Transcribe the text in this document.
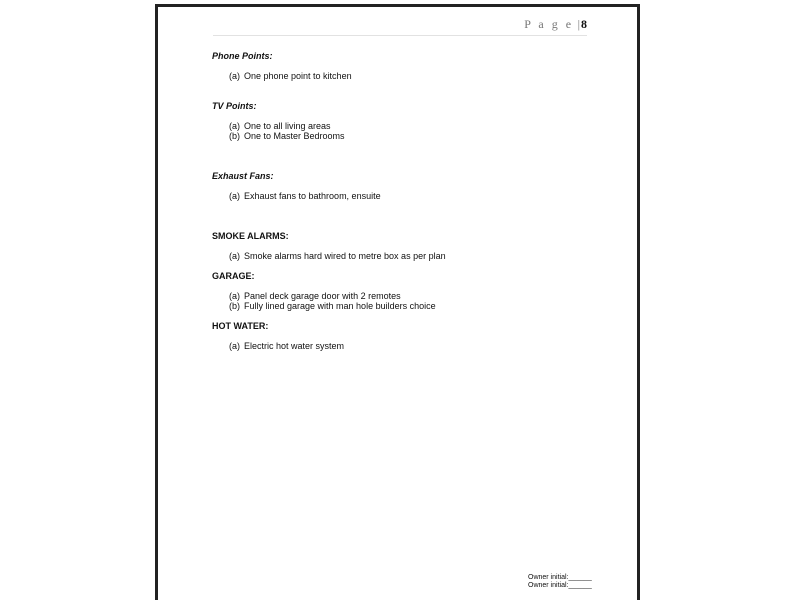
P a g e |8

Phone Points:

(a) One phone point to kitchen

TV Points:

(a) One to all living areas
(b) One to Master Bedrooms

Exhaust Fans:

(a) Exhaust fans to bathroom, ensuite

SMOKE ALARMS:

(a) Smoke alarms hard wired to metre box as per plan

GARAGE:

(a) Panel deck garage door with 2 remotes
(b) Fully lined garage with man hole builders choice

HOT WATER:

(a) Electric hot water system
Owner initial:______
Owner initial:______
